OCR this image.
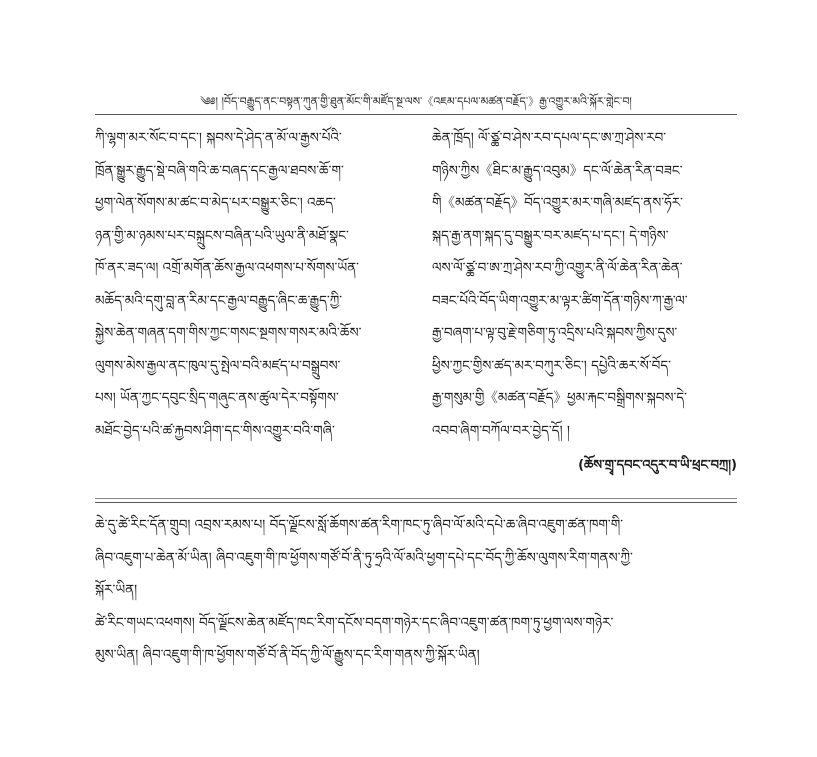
༄༅། །བོད་བརྒྱུད་ནང་བསྟན་ཀུན་གྱི་ཐུན་མོང་གི་མཛོད་སྔ་ལས་《འཇམ་དཔལ་མཚན་བརྗོད་》རྒྱ་འགྱུར་མའི་སྐོར་གླེང་བ།
ཀི་ལྷག་མར་སོང་བ་དང་། སྐབས་དེ་ཤེད་ན་མོ་ལ་རྒྱས་པོའི་
ཁྲོན་སྒྱུར་རྒྱུད་སྡེ་བཞི་གའི་ཆ་བཞད་དང་རྒྱལ་ཐབས་ཆོ་ག་
ཕྱག་ལེན་སོགས་མ་ཚང་བ་མེད་པར་བསྒྱུར་ཅིང་། འཆད་
ཉན་གྱི་མ་ཉམས་པར་བསྐྲུངས་བཞིན་པའི་ཡུལ་ནི་མཐོ་སྣང་
ཁོ་ནར་ཟད་ལ། འགྲོ་མགོན་ཆོས་རྒྱལ་འཕགས་པ་སོགས་ཡོན་
མཆོད་མའི་དགུ་བླ་ན་རིམ་དང་རྒྱལ་བརྒྱུད་ཞིང་ཆ་རྒྱུད་ཀྱི་
སྐྱེས་ཆེན་གཞན་དག་གིས་ཀྱང་གསང་སྔགས་གསར་མའི་ཆོས་
ལུགས་མེས་རྒྱལ་ནང་ཁུལ་དུ་སྤེལ་བའི་མཛད་པ་བསྒྲུབས་
པས། ཡོན་ཀྱང་དབུང་སྲིད་གཞུང་ནས་ཚུལ་དེར་བསྟོགས་
མཐོང་བྱེད་པའི་ཚ་རྐྱབས་ཤིག་དང་གིས་འགྱུར་བའི་གཞི་
ཆེན་ཁྲོད། ལོ་ཙྪ་བ་ཤེས་རབ་དཔལ་དང་ཨ་ཀྲ་ཤེས་རབ་
གཉིས་ཀྱིས《ཐིང་མ་རྒྱུད་འབུམ》དང་ལོ་ཆེན་རིན་བཟང་
གི《མཚན་བརྗོད》བོད་འགྱུར་མར་གཞི་མཛད་ནས་ཧོར་
སྐད་རྒྱ་ནག་སྐད་དུ་བསྒྱུར་བར་མཛད་པ་དང་། དེ་གཉིས་
ལས་ལོ་ཙྪ་བ་ཨ་ཀྲ་ཤེས་རབ་ཀྱི་འགྱུར་ནི་ལོ་ཆེན་རིན་ཆེན་
བཟང་པོའི་བོད་ཡིག་འགྱུར་མ་ལྟར་ཚིག་དོན་གཉིས་ཀ་རྒྱ་ལ་
རྒྱ་བཞག་པ་ལྟ་བུ་རྗེ་གཅིག་ཏུ་འདྲིས་པའི་སྐབས་ཀྱིས་དུས་
ཕྱིས་ཀྱང་གྱིས་ཚད་མར་བཀུར་ཅིང་། དཔྱེའི་ཆར་སོ་བོད་
རྒྱ་གསུམ་གྱི《མཚན་བརྗོད》ཕྱམ་རྐང་བསྒྲིགས་སྐབས་དེ་
འབབ་ཞིག་བཀོལ་བར་བྱེད་དོ། །
(ཆོས་གྲྭ་དབང་འདུར་བ་ཡི་ཕྲང་བཀྲ།)
ཆེ་དུ་ཚེ་རིང་དོན་གྲུབ། འབྲས་རམས་པ། བོད་ལྗོངས་སློ་ཆོགས་ཚན་རིག་ཁང་ཏུ་ཞིབ་ལོ་མའི་དཔེ་ཆ་ཞིབ་འཇུག་ཚན་ཁག་གི་
ཞིབ་འཇུག་པ་ཆེན་མོ་ཡིན། ཞིབ་འཇུག་གི་ཁ་ཕྱོགས་གཙོ་བོ་ནི་ཏུ་ཧྲའི་ལོ་མའི་ཕྱག་དཔེ་དང་བོད་ཀྱི་ཆོས་ལུགས་རིག་གནས་ཀྱི་
སྐོར་ཡིན།
ཚེ་རིང་གཡང་འཕགས། བོད་ལྗོངས་ཆེན་མཛོད་ཁང་རིག་དངོས་བདག་གཉེར་དང་ཞིབ་འཇུག་ཚན་ཁག་ཏུ་ཕྱག་ལས་གཉེར་
མུས་ཡིན། ཞིབ་འཇུག་གི་ཁ་ཕྱོགས་གཙོ་བོ་ནི་བོད་ཀྱི་ལོ་རྒྱུས་དང་རིག་གནས་ཀྱི་སྐོར་ཡིན།
